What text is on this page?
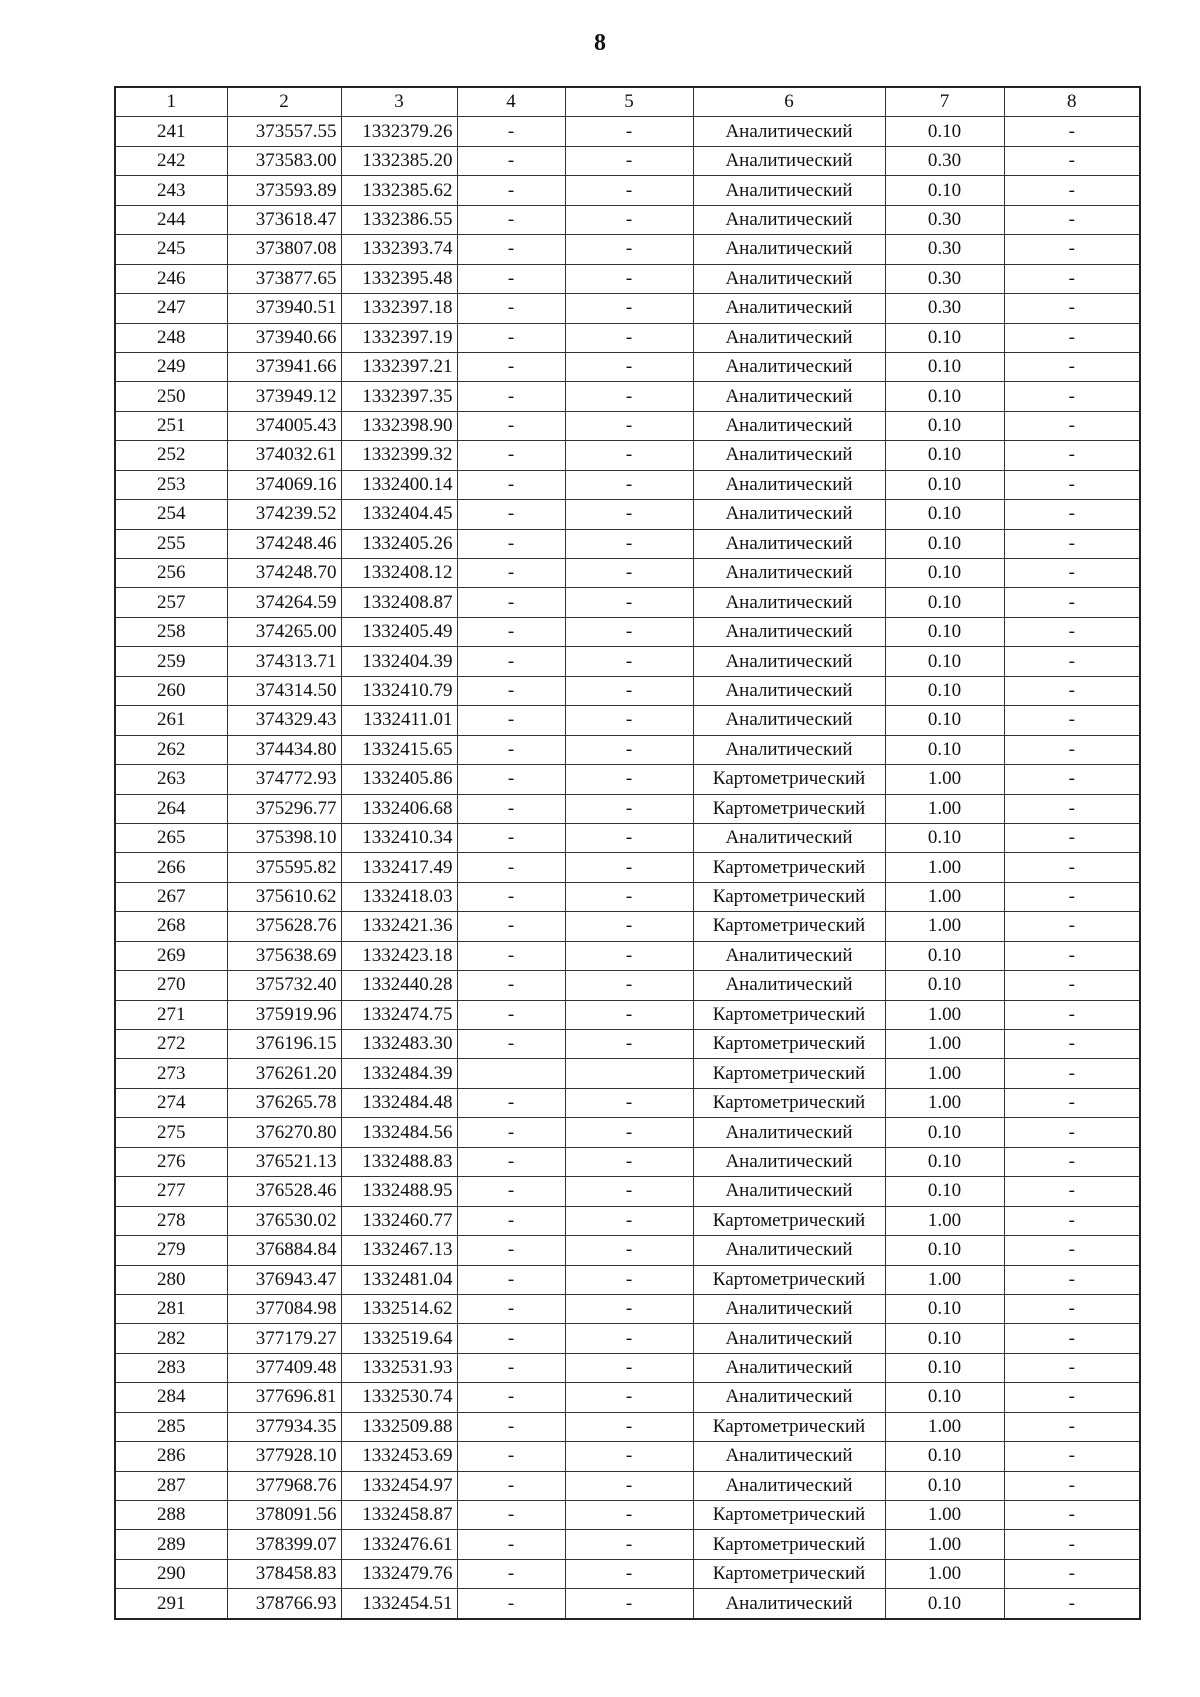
8
1	2	3	4	5	6	7	8
241	373557.55	1332379.26	-	-	Аналитический	0.10	-
242	373583.00	1332385.20	-	-	Аналитический	0.30	-
243	373593.89	1332385.62	-	-	Аналитический	0.10	-
244	373618.47	1332386.55	-	-	Аналитический	0.30	-
245	373807.08	1332393.74	-	-	Аналитический	0.30	-
246	373877.65	1332395.48	-	-	Аналитический	0.30	-
247	373940.51	1332397.18	-	-	Аналитический	0.30	-
248	373940.66	1332397.19	-	-	Аналитический	0.10	-
249	373941.66	1332397.21	-	-	Аналитический	0.10	-
250	373949.12	1332397.35	-	-	Аналитический	0.10	-
251	374005.43	1332398.90	-	-	Аналитический	0.10	-
252	374032.61	1332399.32	-	-	Аналитический	0.10	-
253	374069.16	1332400.14	-	-	Аналитический	0.10	-
254	374239.52	1332404.45	-	-	Аналитический	0.10	-
255	374248.46	1332405.26	-	-	Аналитический	0.10	-
256	374248.70	1332408.12	-	-	Аналитический	0.10	-
257	374264.59	1332408.87	-	-	Аналитический	0.10	-
258	374265.00	1332405.49	-	-	Аналитический	0.10	-
259	374313.71	1332404.39	-	-	Аналитический	0.10	-
260	374314.50	1332410.79	-	-	Аналитический	0.10	-
261	374329.43	1332411.01	-	-	Аналитический	0.10	-
262	374434.80	1332415.65	-	-	Аналитический	0.10	-
263	374772.93	1332405.86	-	-	Картометрический	1.00	-
264	375296.77	1332406.68	-	-	Картометрический	1.00	-
265	375398.10	1332410.34	-	-	Аналитический	0.10	-
266	375595.82	1332417.49	-	-	Картометрический	1.00	-
267	375610.62	1332418.03	-	-	Картометрический	1.00	-
268	375628.76	1332421.36	-	-	Картометрический	1.00	-
269	375638.69	1332423.18	-	-	Аналитический	0.10	-
270	375732.40	1332440.28	-	-	Аналитический	0.10	-
271	375919.96	1332474.75	-	-	Картометрический	1.00	-
272	376196.15	1332483.30	-	-	Картометрический	1.00	-
273	376261.20	1332484.39			Картометрический	1.00	-
274	376265.78	1332484.48	-	-	Картометрический	1.00	-
275	376270.80	1332484.56	-	-	Аналитический	0.10	-
276	376521.13	1332488.83	-	-	Аналитический	0.10	-
277	376528.46	1332488.95	-	-	Аналитический	0.10	-
278	376530.02	1332460.77	-	-	Картометрический	1.00	-
279	376884.84	1332467.13	-	-	Аналитический	0.10	-
280	376943.47	1332481.04	-	-	Картометрический	1.00	-
281	377084.98	1332514.62	-	-	Аналитический	0.10	-
282	377179.27	1332519.64	-	-	Аналитический	0.10	-
283	377409.48	1332531.93	-	-	Аналитический	0.10	-
284	377696.81	1332530.74	-	-	Аналитический	0.10	-
285	377934.35	1332509.88	-	-	Картометрический	1.00	-
286	377928.10	1332453.69	-	-	Аналитический	0.10	-
287	377968.76	1332454.97	-	-	Аналитический	0.10	-
288	378091.56	1332458.87	-	-	Картометрический	1.00	-
289	378399.07	1332476.61	-	-	Картометрический	1.00	-
290	378458.83	1332479.76	-	-	Картометрический	1.00	-
291	378766.93	1332454.51	-	-	Аналитический	0.10	-
